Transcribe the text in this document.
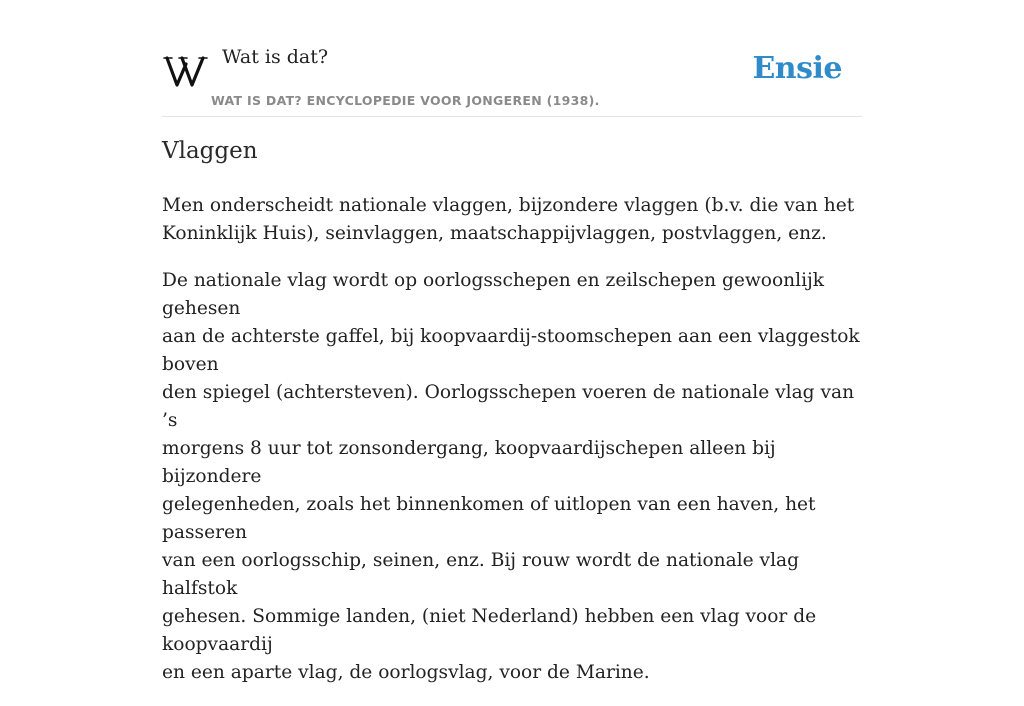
Wat is dat?
WAT IS DAT? ENCYCLOPEDIE VOOR JONGEREN (1938).
Ensie
Vlaggen

Men onderscheidt nationale vlaggen, bijzondere vlaggen (b.v. die van het
Koninklijk Huis), seinvlaggen, maatschappijvlaggen, postvlaggen, enz.

De nationale vlag wordt op oorlogsschepen en zeilschepen gewoonlijk gehesen
aan de achterste gaffel, bij koopvaardij-stoomschepen aan een vlaggestok boven
den spiegel (achtersteven). Oorlogsschepen voeren de nationale vlag van ’s
morgens 8 uur tot zonsondergang, koopvaardijschepen alleen bij bijzondere
gelegenheden, zoals het binnenkomen of uitlopen van een haven, het passeren
van een oorlogsschip, seinen, enz. Bij rouw wordt de nationale vlag halfstok
gehesen. Sommige landen, (niet Nederland) hebben een vlag voor de koopvaardij
en een aparte vlag, de oorlogsvlag, voor de Marine.
